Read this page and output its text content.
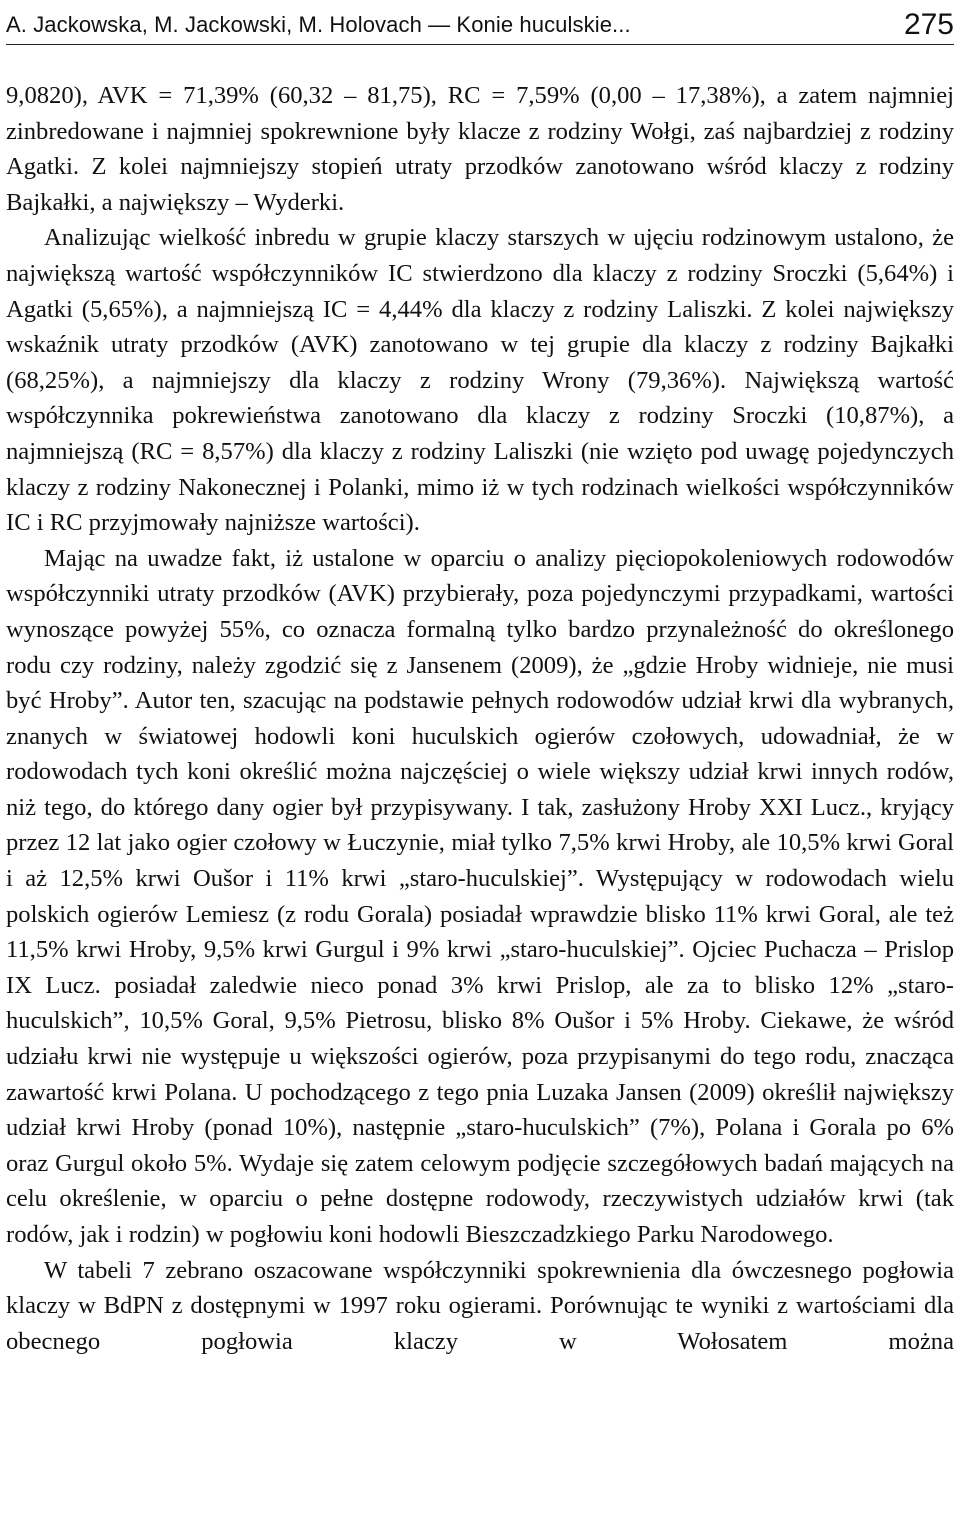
A. Jackowska, M. Jackowski, M. Holovach — Konie huculskie...	275

9,0820), AVK = 71,39% (60,32 – 81,75), RC = 7,59% (0,00 – 17,38%), a zatem najmniej zinbredowane i najmniej spokrewnione były klacze z rodziny Wołgi, zaś najbardziej z rodziny Agatki. Z kolei najmniejszy stopień utraty przodków zanotowano wśród klaczy z rodziny Bajkałki, a największy – Wyderki.

Analizując wielkość inbredu w grupie klaczy starszych w ujęciu rodzinowym ustalono, że największą wartość współczynników IC stwierdzono dla klaczy z rodziny Sroczki (5,64%) i Agatki (5,65%), a najmniejszą IC = 4,44% dla klaczy z rodziny Laliszki. Z kolei największy wskaźnik utraty przodków (AVK) zanotowano w tej grupie dla klaczy z rodziny Bajkałki (68,25%), a najmniejszy dla klaczy z rodziny Wrony (79,36%). Największą wartość współczynnika pokrewieństwa zanotowano dla klaczy z rodziny Sroczki (10,87%), a najmniejszą (RC = 8,57%) dla klaczy z rodziny Laliszki (nie wzięto pod uwagę pojedynczych klaczy z rodziny Nakonecznej i Polanki, mimo iż w tych rodzinach wielkości współczynników IC i RC przyjmowały najniższe wartości).

Mając na uwadze fakt, iż ustalone w oparciu o analizy pięciopokoleniowych rodowodów współczynniki utraty przodków (AVK) przybierały, poza pojedynczymi przypadkami, wartości wynoszące powyżej 55%, co oznacza formalną tylko bardzo przynależność do określonego rodu czy rodziny, należy zgodzić się z Jansenem (2009), że „gdzie Hroby widnieje, nie musi być Hroby”. Autor ten, szacując na podstawie pełnych rodowodów udział krwi dla wybranych, znanych w światowej hodowli koni huculskich ogierów czołowych, udowadniał, że w rodowodach tych koni określić można najczęściej o wiele większy udział krwi innych rodów, niż tego, do którego dany ogier był przypisywany. I tak, zasłużony Hroby XXI Lucz., kryjący przez 12 lat jako ogier czołowy w Łuczynie, miał tylko 7,5% krwi Hroby, ale 10,5% krwi Goral i aż 12,5% krwi Oušor i 11% krwi „staro-huculskiej”. Występujący w rodowodach wielu polskich ogierów Lemiesz (z rodu Gorala) posiadał wprawdzie blisko 11% krwi Goral, ale też 11,5% krwi Hroby, 9,5% krwi Gurgul i 9% krwi „staro-huculskiej”. Ojciec Puchacza – Prislop IX Lucz. posiadał zaledwie nieco ponad 3% krwi Prislop, ale za to blisko 12% „staro-huculskich”, 10,5% Goral, 9,5% Pietrosu, blisko 8% Oušor i 5% Hroby. Ciekawe, że wśród udziału krwi nie występuje u większości ogierów, poza przypisanymi do tego rodu, znacząca zawartość krwi Polana. U pochodzącego z tego pnia Luzaka Jansen (2009) określił największy udział krwi Hroby (ponad 10%), następnie „staro-huculskich” (7%), Polana i Gorala po 6% oraz Gurgul około 5%. Wydaje się zatem celowym podjęcie szczegółowych badań mających na celu określenie, w oparciu o pełne dostępne rodowody, rzeczywistych udziałów krwi (tak rodów, jak i rodzin) w pogłowiu koni hodowli Bieszczadzkiego Parku Narodowego.

W tabeli 7 zebrano oszacowane współczynniki spokrewnienia dla ówczesnego pogłowia klaczy w BdPN z dostępnymi w 1997 roku ogierami. Porównując te wyniki z wartościami dla obecnego pogłowia klaczy w Wołosatem można
